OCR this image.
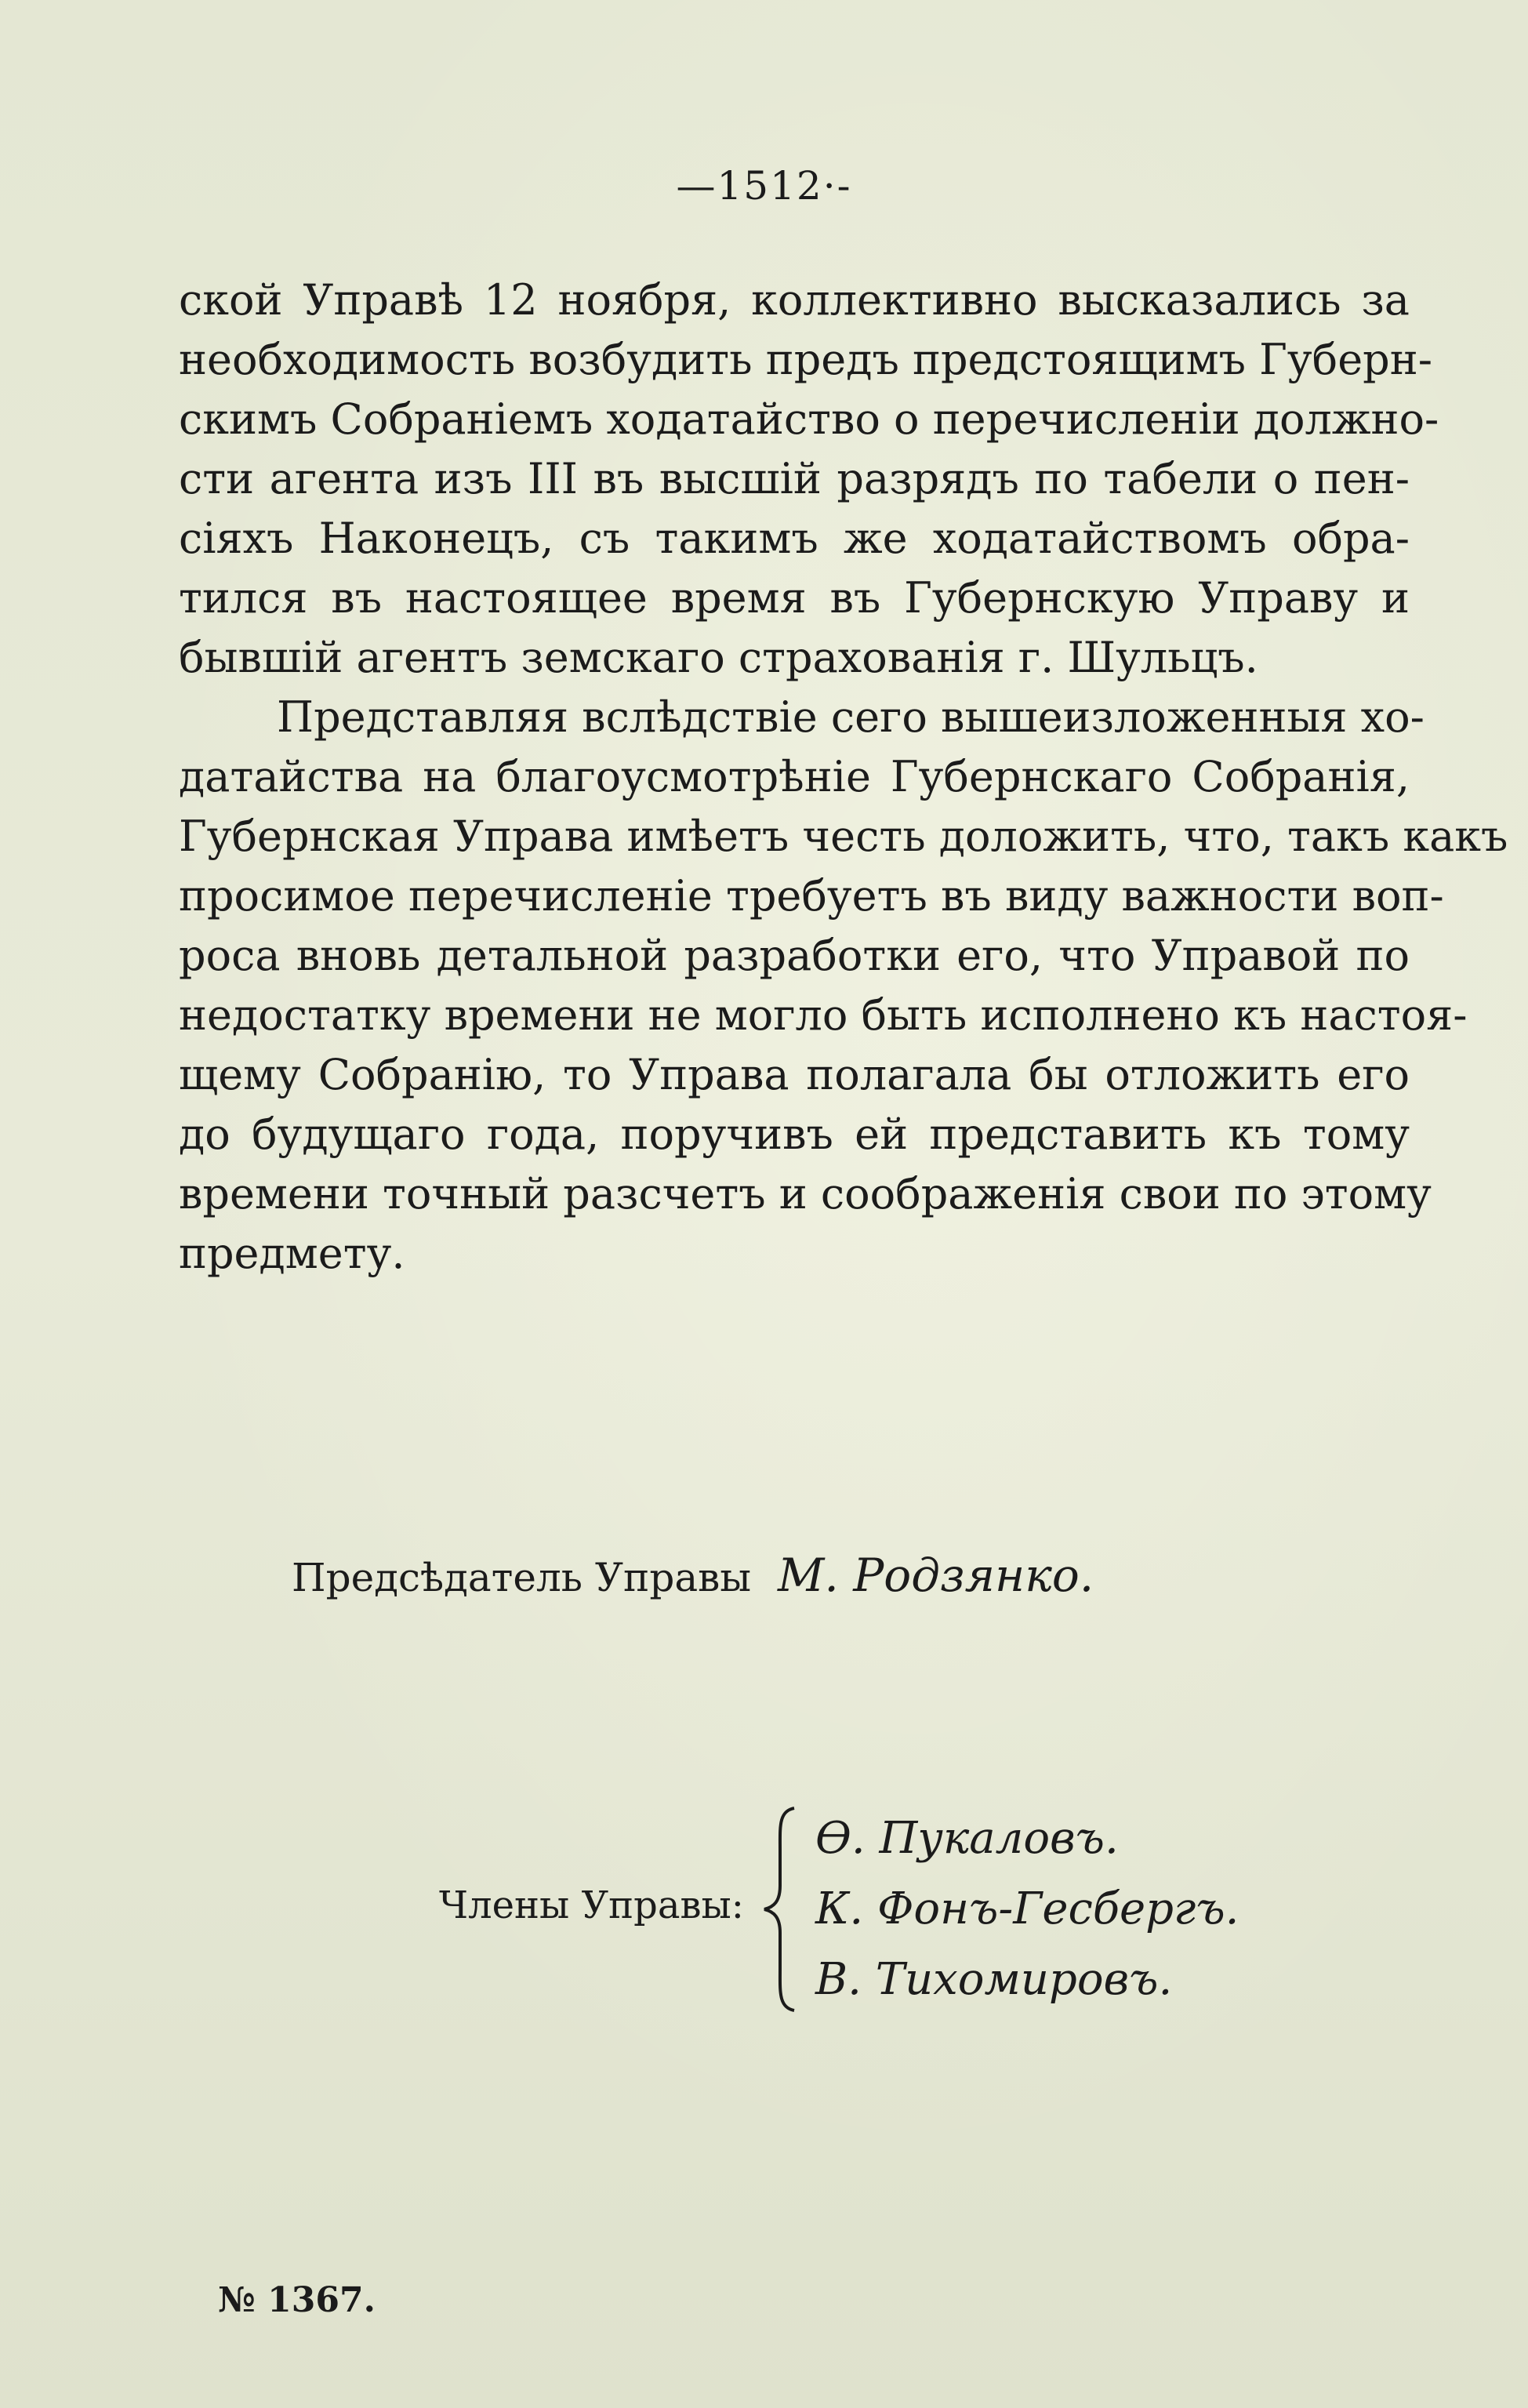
—1512·-
ской Управѣ 12 ноября, коллективно высказались за
необходимость возбудить предъ предстоящимъ Губерн-
скимъ Собраніемъ ходатайство о перечисленіи должно-
сти агента изъ III въ высшій разрядъ по табели о пен-
сіяхъ Наконецъ, съ такимъ же ходатайствомъ обра-
тился въ настоящее время въ Губернскую Управу и
бывшій агентъ земскаго страхованія г. Шульцъ.
Представляя вслѣдствіе сего вышеизложенныя хо-
датайства на благоусмотрѣніе Губернскаго Собранія,
Губернская Управа имѣетъ честь доложить, что, такъ какъ
просимое перечисленіе требуетъ въ виду важности воп-
роса вновь детальной разработки его, что Управой по
недостатку времени не могло быть исполнено къ настоя-
щему Собранію, то Управа полагала бы отложить его
до будущаго года, поручивъ ей представить къ тому
времени точный разсчетъ и соображенія свои по этому
предмету.
Предсѣдатель Управы М. Родзянко.
Члены Управы:
Ѳ. Пукаловъ.
К. Фонъ-Гесбергъ.
В. Тихомировъ.
№ 1367.
